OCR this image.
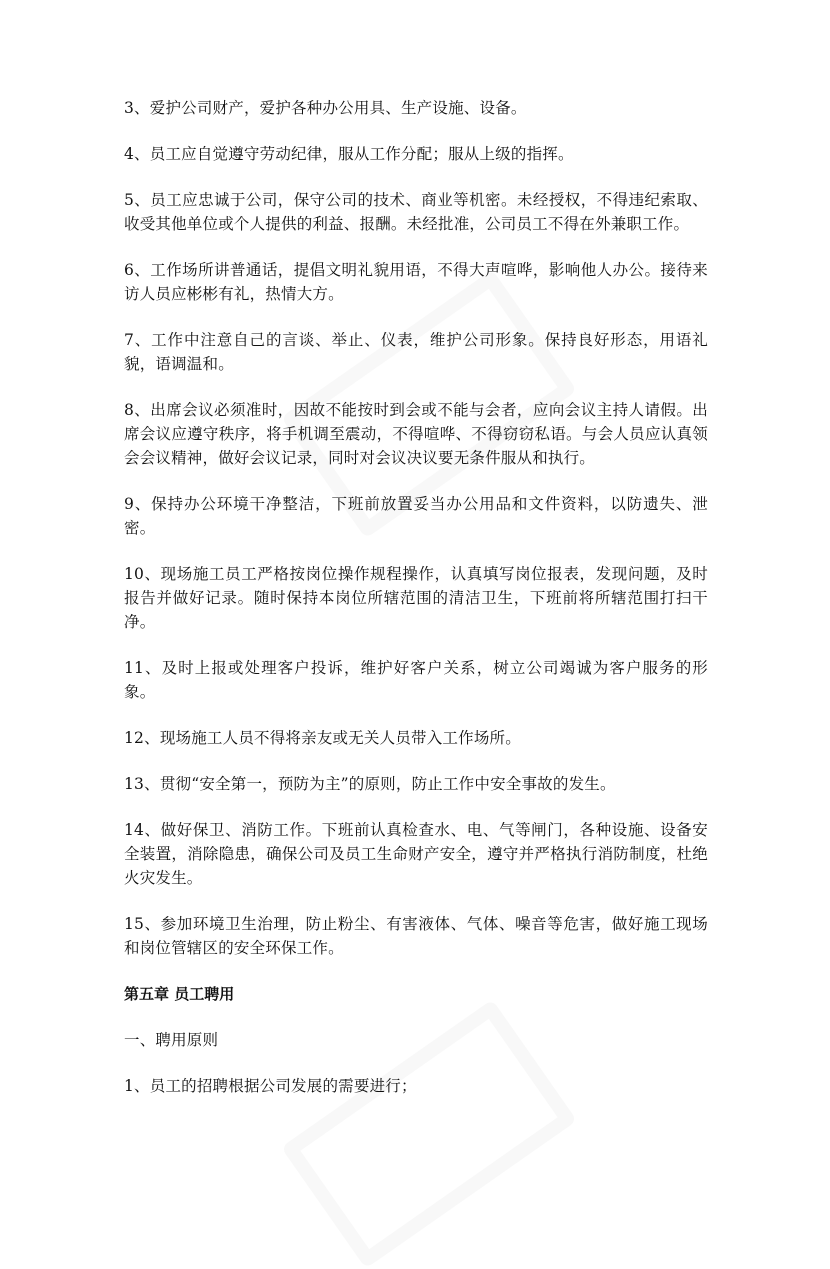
3、爱护公司财产，爱护各种办公用具、生产设施、设备。

4、员工应自觉遵守劳动纪律，服从工作分配；服从上级的指挥。

5、员工应忠诚于公司，保守公司的技术、商业等机密。未经授权，不得违纪索取、收受其他单位或个人提供的利益、报酬。未经批准，公司员工不得在外兼职工作。

6、工作场所讲普通话，提倡文明礼貌用语，不得大声喧哗，影响他人办公。接待来访人员应彬彬有礼，热情大方。

7、工作中注意自己的言谈、举止、仪表，维护公司形象。保持良好形态，用语礼貌，语调温和。

8、出席会议必须准时，因故不能按时到会或不能与会者，应向会议主持人请假。出席会议应遵守秩序，将手机调至震动，不得喧哗、不得窃窃私语。与会人员应认真领会会议精神，做好会议记录，同时对会议决议要无条件服从和执行。

9、保持办公环境干净整洁，下班前放置妥当办公用品和文件资料，以防遗失、泄密。

10、现场施工员工严格按岗位操作规程操作，认真填写岗位报表，发现问题，及时报告并做好记录。随时保持本岗位所辖范围的清洁卫生，下班前将所辖范围打扫干净。

11、及时上报或处理客户投诉，维护好客户关系，树立公司竭诚为客户服务的形象。

12、现场施工人员不得将亲友或无关人员带入工作场所。

13、贯彻“安全第一，预防为主”的原则，防止工作中安全事故的发生。

14、做好保卫、消防工作。下班前认真检查水、电、气等闸门，各种设施、设备安全装置，消除隐患，确保公司及员工生命财产安全，遵守并严格执行消防制度，杜绝火灾发生。

15、参加环境卫生治理，防止粉尘、有害液体、气体、噪音等危害，做好施工现场和岗位管辖区的安全环保工作。

第五章 员工聘用

一、聘用原则

1、员工的招聘根据公司发展的需要进行；
